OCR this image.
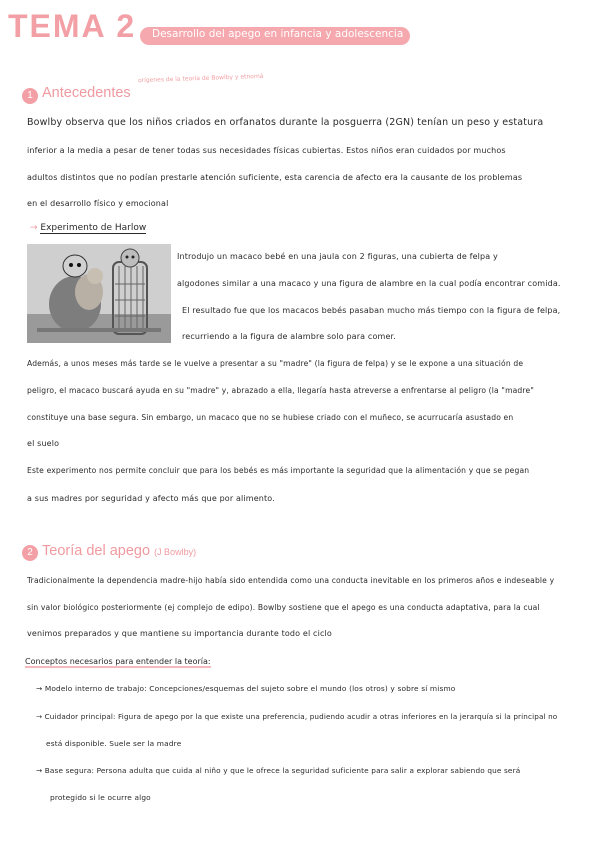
TEMA 2 Desarrollo del apego en infancia y adolescencia
orígenes de la teoría de Bowlby y etnomá
1 Antecedentes
Bowlby observa que los niños criados en orfanatos durante la posguerra (2GN) tenían un peso y estatura
inferior a la media a pesar de tener todas sus necesidades físicas cubiertas. Estos niños eran cuidados por muchos
adultos distintos que no podían prestarle atención suficiente, esta carencia de afecto era la causante de los problemas
en el desarrollo físico y emocional
→ Experimento de Harlow
Introdujo un macaco bebé en una jaula con 2 figuras, una cubierta de felpa y
algodones similar a una macaco y una figura de alambre en la cual podía encontrar comida.
El resultado fue que los macacos bebés pasaban mucho más tiempo con la figura de felpa,
recurriendo a la figura de alambre solo para comer.
Además, a unos meses más tarde se le vuelve a presentar a su "madre" (la figura de felpa) y se le expone a una situación de
peligro, el macaco buscará ayuda en su "madre" y, abrazado a ella, llegaría hasta atreverse a enfrentarse al peligro (la "madre"
constituye una base segura. Sin embargo, un macaco que no se hubiese criado con el muñeco, se acurrucaría asustado en
el suelo
Este experimento nos permite concluir que para los bebés es más importante la seguridad que la alimentación y que se pegan
a sus madres por seguridad y afecto más que por alimento.
2 Teoría del apego (J Bowlby)
Tradicionalmente la dependencia madre-hijo había sido entendida como una conducta inevitable en los primeros años e indeseable y
sin valor biológico posteriormente (ej complejo de edipo). Bowlby sostiene que el apego es una conducta adaptativa, para la cual
venimos preparados y que mantiene su importancia durante todo el ciclo
Conceptos necesarios para entender la teoría:
→ Modelo interno de trabajo: Concepciones/esquemas del sujeto sobre el mundo (los otros) y sobre sí mismo
→ Cuidador principal: Figura de apego por la que existe una preferencia, pudiendo acudir a otras inferiores en la jerarquía si la principal no
está disponible. Suele ser la madre
→ Base segura: Persona adulta que cuida al niño y que le ofrece la seguridad suficiente para salir a explorar sabiendo que será
protegido si le ocurre algo
